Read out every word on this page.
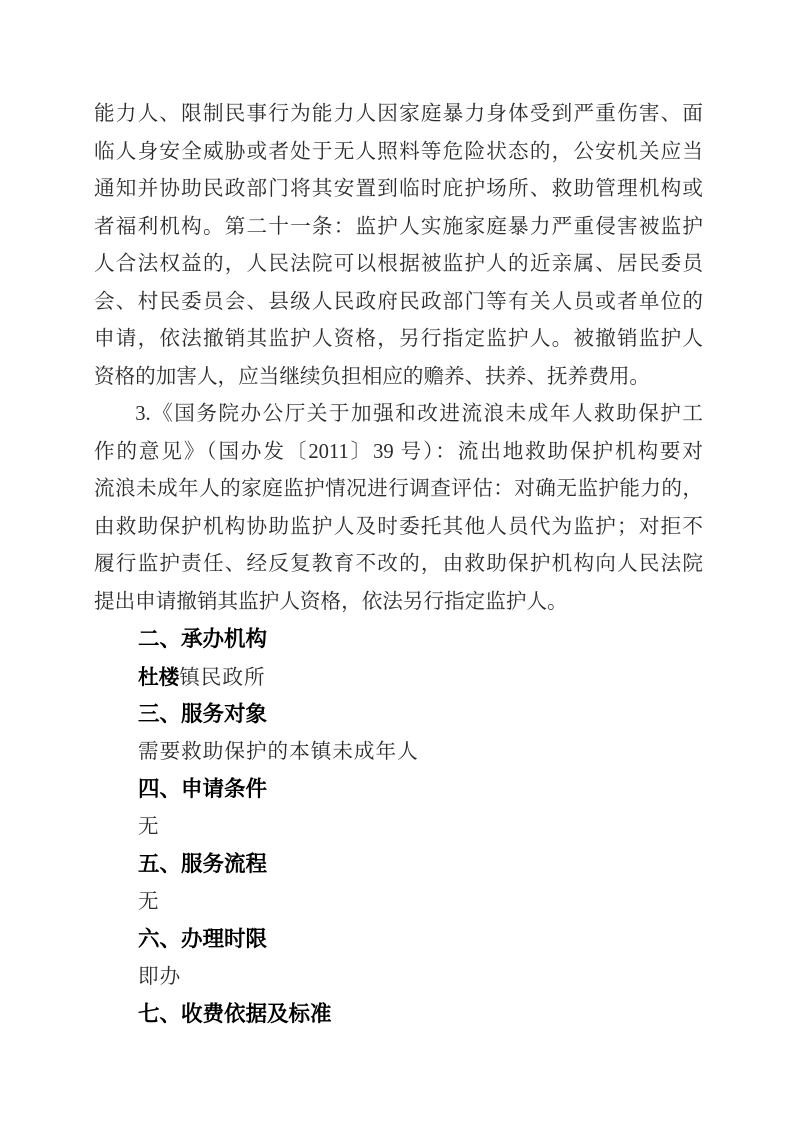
能力人、限制民事行为能力人因家庭暴力身体受到严重伤害、面
临人身安全威胁或者处于无人照料等危险状态的，公安机关应当
通知并协助民政部门将其安置到临时庇护场所、救助管理机构或
者福利机构。第二十一条：监护人实施家庭暴力严重侵害被监护
人合法权益的，人民法院可以根据被监护人的近亲属、居民委员
会、村民委员会、县级人民政府民政部门等有关人员或者单位的
申请，依法撤销其监护人资格，另行指定监护人。被撤销监护人
资格的加害人，应当继续负担相应的赡养、扶养、抚养费用。
3.《国务院办公厅关于加强和改进流浪未成年人救助保护工
作的意见》（国办发〔2011〕39 号）：流出地救助保护机构要对
流浪未成年人的家庭监护情况进行调查评估：对确无监护能力的，
由救助保护机构协助监护人及时委托其他人员代为监护；对拒不
履行监护责任、经反复教育不改的，由救助保护机构向人民法院
提出申请撤销其监护人资格，依法另行指定监护人。
二、承办机构
杜楼镇民政所
三、服务对象
需要救助保护的本镇未成年人
四、申请条件
无
五、服务流程
无
六、办理时限
即办
七、收费依据及标准
